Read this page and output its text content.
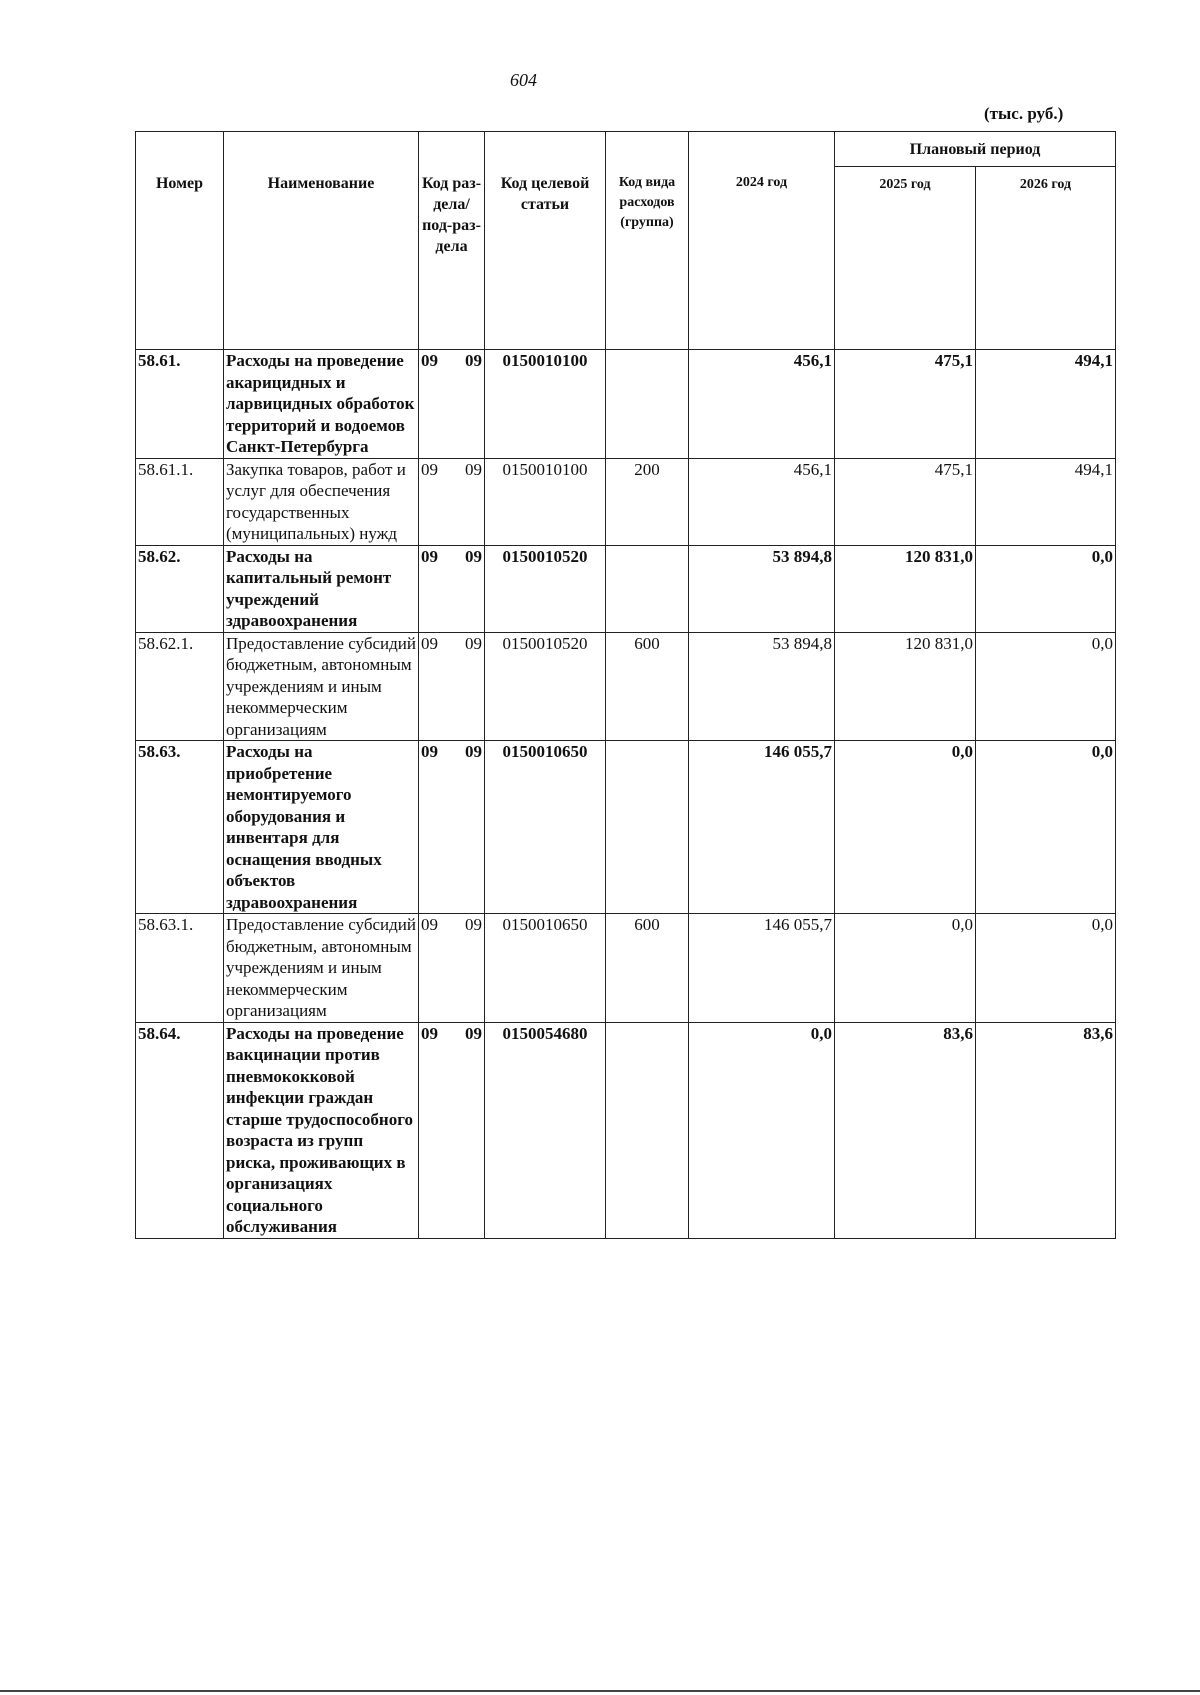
604
(тыс. руб.)
Номер	Наименование	Код раз-дела/ под-раз-дела	Код целевой статьи	Код вида расходов (группа)	2024 год	Плановый период	
						2025 год	2026 год
58.61.	Расходы на проведение акарицидных и ларвицидных обработок территорий и водоемов Санкт-Петербурга	09 09	0150010100		456,1	475,1	494,1
58.61.1.	Закупка товаров, работ и услуг для обеспечения государственных (муниципальных) нужд	09 09	0150010100	200	456,1	475,1	494,1
58.62.	Расходы на капитальный ремонт учреждений здравоохранения	09 09	0150010520		53 894,8	120 831,0	0,0
58.62.1.	Предоставление субсидий бюджетным, автономным учреждениям и иным некоммерческим организациям	09 09	0150010520	600	53 894,8	120 831,0	0,0
58.63.	Расходы на приобретение немонтируемого оборудования и инвентаря для оснащения вводных объектов здравоохранения	09 09	0150010650		146 055,7	0,0	0,0
58.63.1.	Предоставление субсидий бюджетным, автономным учреждениям и иным некоммерческим организациям	09 09	0150010650	600	146 055,7	0,0	0,0
58.64.	Расходы на проведение вакцинации против пневмококковой инфекции граждан старше трудоспособного возраста из групп риска, проживающих в организациях социального обслуживания	09 09	0150054680		0,0	83,6	83,6
